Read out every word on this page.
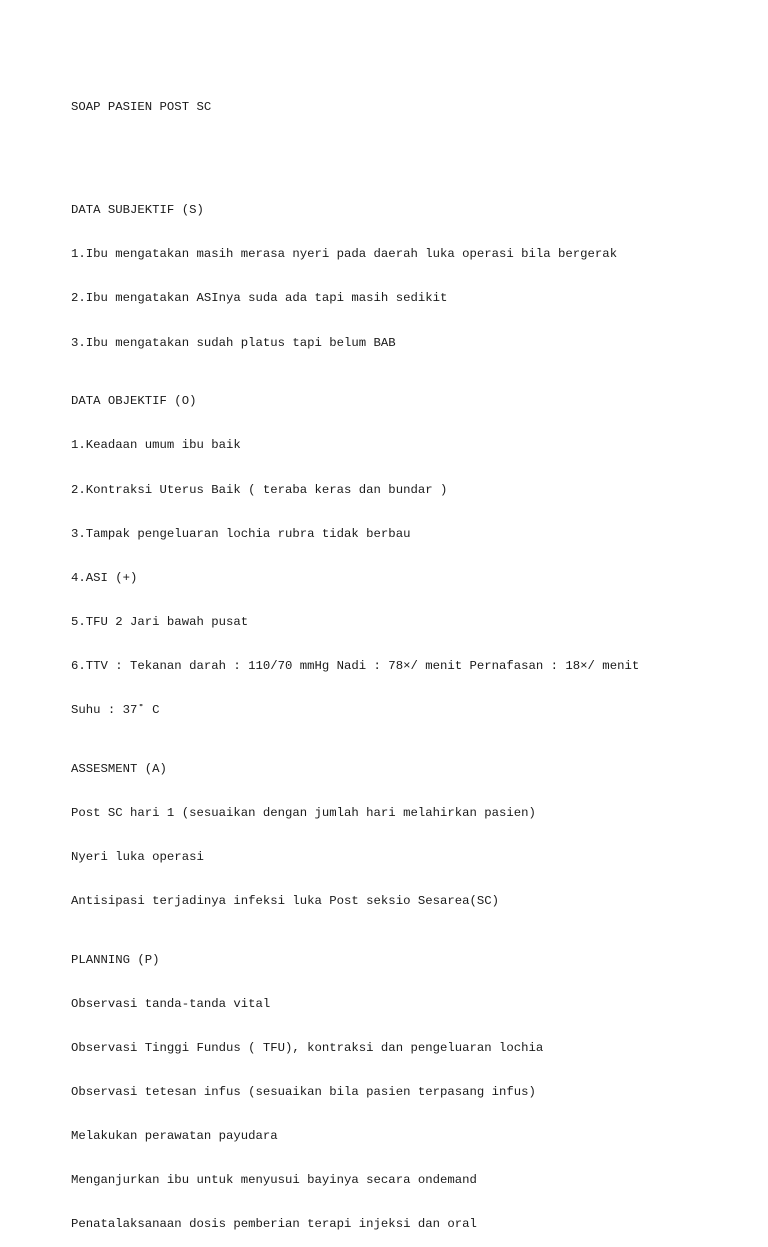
SOAP PASIEN POST SC

DATA SUBJEKTIF (S)

1.Ibu mengatakan masih merasa nyeri pada daerah luka operasi bila bergerak

2.Ibu mengatakan ASInya suda ada tapi masih sedikit

3.Ibu mengatakan sudah platus tapi belum BAB

DATA OBJEKTIF (O)

1.Keadaan umum ibu baik

2.Kontraksi Uterus Baik ( teraba keras dan bundar )

3.Tampak pengeluaran lochia rubra tidak berbau

4.ASI (+)

5.TFU 2 Jari bawah pusat

6.TTV : Tekanan darah : 110/70 mmHg Nadi : 78×/ menit Pernafasan : 18×/ menit

Suhu : 37˚ C

ASSESMENT (A)

Post SC hari 1 (sesuaikan dengan jumlah hari melahirkan pasien)

Nyeri luka operasi

Antisipasi terjadinya infeksi luka Post seksio Sesarea(SC)

PLANNING (P)

Observasi tanda-tanda vital

Observasi Tinggi Fundus ( TFU), kontraksi dan pengeluaran lochia

Observasi tetesan infus (sesuaikan bila pasien terpasang infus)

Melakukan perawatan payudara

Menganjurkan ibu untuk menyusui bayinya secara ondemand

Penatalaksanaan dosis pemberian terapi injeksi dan oral
